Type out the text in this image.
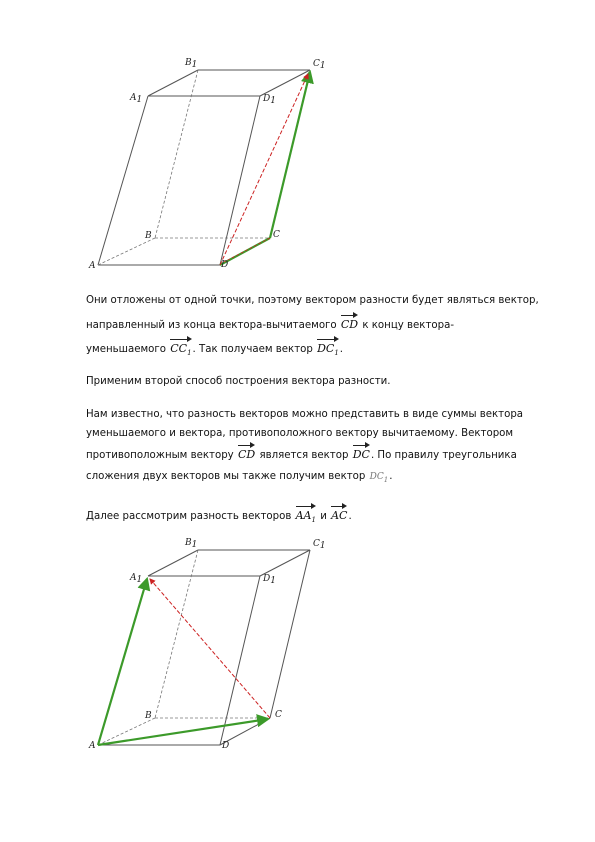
B1	C1
A1	D1
B	C
A	D
B1	C1
A1	D1
B	C
A	D
Они отложены от одной точки, поэтому вектором разности будет являться вектор,
направленный из конца вектора-вычитаемого CD к концу вектора-
уменьшаемого $CC_1$. Так получаем вектор $DC_1$.
Применим второй способ построения вектора разности.
Нам известно, что разность векторов можно представить в виде суммы вектора
уменьшаемого и вектора, противоположного вектору вычитаемому. Вектором
противоположным вектору CD является вектор DC. По правилу треугольника
сложения двух векторов мы также получим вектор $DC_1$.
Далее рассмотрим разность векторов $AA_1$ и AC.
